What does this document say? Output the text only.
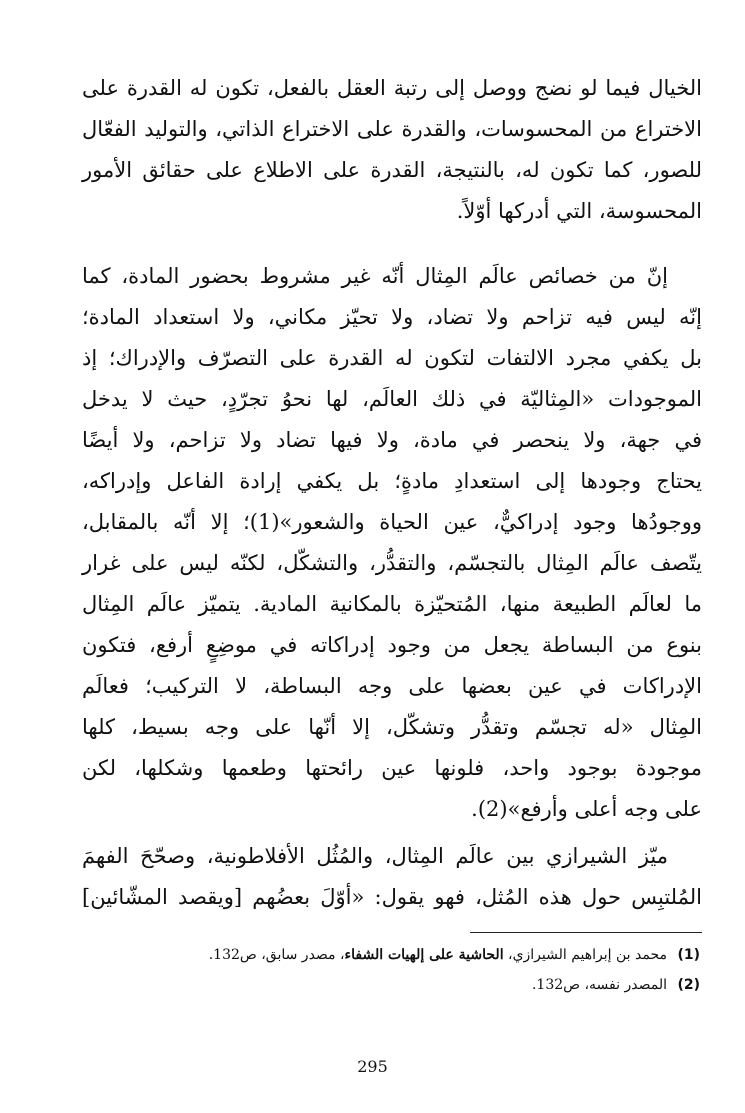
الخيال فيما لو نضج ووصل إلى رتبة العقل بالفعل، تكون له القدرة على
الاختراع من المحسوسات، والقدرة على الاختراع الذاتي، والتوليد الفعّال
للصور، كما تكون له، بالنتيجة، القدرة على الاطلاع على حقائق الأمور
المحسوسة، التي أدركها أوّلاً.
إنّ من خصائص عالَم المِثال أنّه غير مشروط بحضور المادة، كما
إنّه ليس فيه تزاحم ولا تضاد، ولا تحيّز مكاني، ولا استعداد المادة؛
بل يكفي مجرد الالتفات لتكون له القدرة على التصرّف والإدراك؛ إذ
الموجودات «المِثاليّة في ذلك العالَم، لها نحوُ تجرّدٍ، حيث لا يدخل
في جهة، ولا ينحصر في مادة، ولا فيها تضاد ولا تزاحم، ولا أيضًا
يحتاج وجودها إلى استعدادِ مادةٍ؛ بل يكفي إرادة الفاعل وإدراكه،
ووجودُها وجود إدراكيٌّ، عين الحياة والشعور»(1)؛ إلا أنّه بالمقابل،
يتّصف عالَم المِثال بالتجسّم، والتقدُّر، والتشكّل، لكنّه ليس على غرار
ما لعالَم الطبيعة منها، المُتحيّزة بالمكانية المادية. يتميّز عالَم المِثال
بنوع من البساطة يجعل من وجود إدراكاته في موضِعٍ أرفع، فتكون
الإدراكات في عين بعضها على وجه البساطة، لا التركيب؛ فعالَم
المِثال «له تجسّم وتقدُّر وتشكّل، إلا أنّها على وجه بسيط، كلها
موجودة بوجود واحد، فلونها عين رائحتها وطعمها وشكلها، لكن
على وجه أعلى وأرفع»(2).
ميّز الشيرازي بين عالَم المِثال، والمُثُل الأفلاطونية، وصحّحَ الفهمَ
المُلتبِس حول هذه المُثل، فهو يقول: «أوّلَ بعضُهم [ويقصد المشّائين]
(1) محمد بن إبراهيم الشيرازي، الحاشية على إلهيات الشفاء، مصدر سابق، ص132.
(2) المصدر نفسه، ص132.
295
